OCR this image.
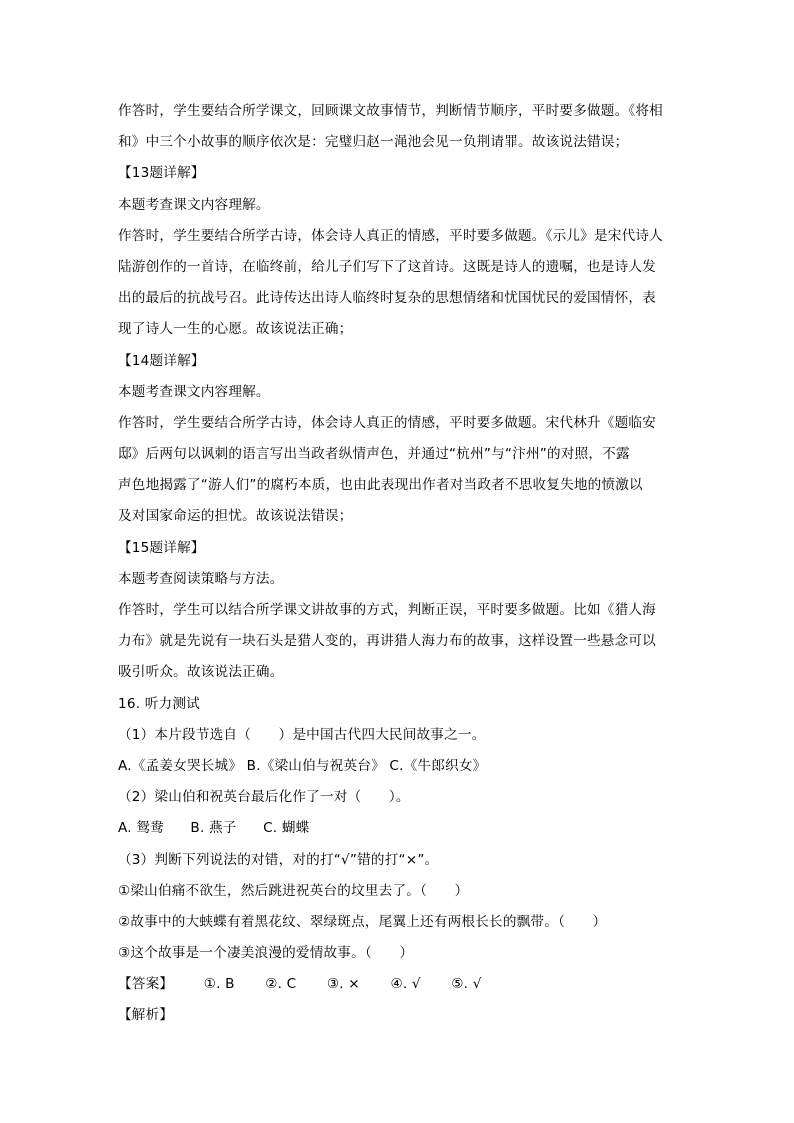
作答时，学生要结合所学课文，回顾课文故事情节，判断情节顺序，平时要多做题。《将相
和》中三个小故事的顺序依次是：完璧归赵一渑池会见一负荆请罪。故该说法错误；
【13题详解】
本题考查课文内容理解。
作答时，学生要结合所学古诗，体会诗人真正的情感，平时要多做题。《示儿》是宋代诗人
陆游创作的一首诗，在临终前，给儿子们写下了这首诗。这既是诗人的遗嘱，也是诗人发
出的最后的抗战号召。此诗传达出诗人临终时复杂的思想情绪和忧国忧民的爱国情怀，表
现了诗人一生的心愿。故该说法正确；
【14题详解】
本题考查课文内容理解。
作答时，学生要结合所学古诗，体会诗人真正的情感，平时要多做题。宋代林升《题临安
邸》后两句以讽刺的语言写出当政者纵情声色，并通过“杭州”与“汴州”的对照，不露
声色地揭露了“游人们”的腐朽本质，也由此表现出作者对当政者不思收复失地的愤激以
及对国家命运的担忧。故该说法错误；
【15题详解】
本题考查阅读策略与方法。
作答时，学生可以结合所学课文讲故事的方式，判断正误，平时要多做题。比如《猎人海
力布》就是先说有一块石头是猎人变的，再讲猎人海力布的故事，这样设置一些悬念可以
吸引听众。故该说法正确。
16. 听力测试
（1）本片段节选自（　　）是中国古代四大民间故事之一。
A.《孟姜女哭长城》 B.《梁山伯与祝英台》 C.《牛郎织女》
（2）梁山伯和祝英台最后化作了一对（　　）。
A. 鸳鸯 B. 燕子 C. 蝴蝶
（3）判断下列说法的对错，对的打“√”错的打“×”。
①梁山伯痛不欲生，然后跳进祝英台的坟里去了。（　　）
②故事中的大蛱蝶有着黑花纹、翠绿斑点，尾翼上还有两根长长的飘带。（　　）
③这个故事是一个凄美浪漫的爱情故事。（　　）
【答案】 ①. B ②. C ③. × ④. √ ⑤. √
【解析】
